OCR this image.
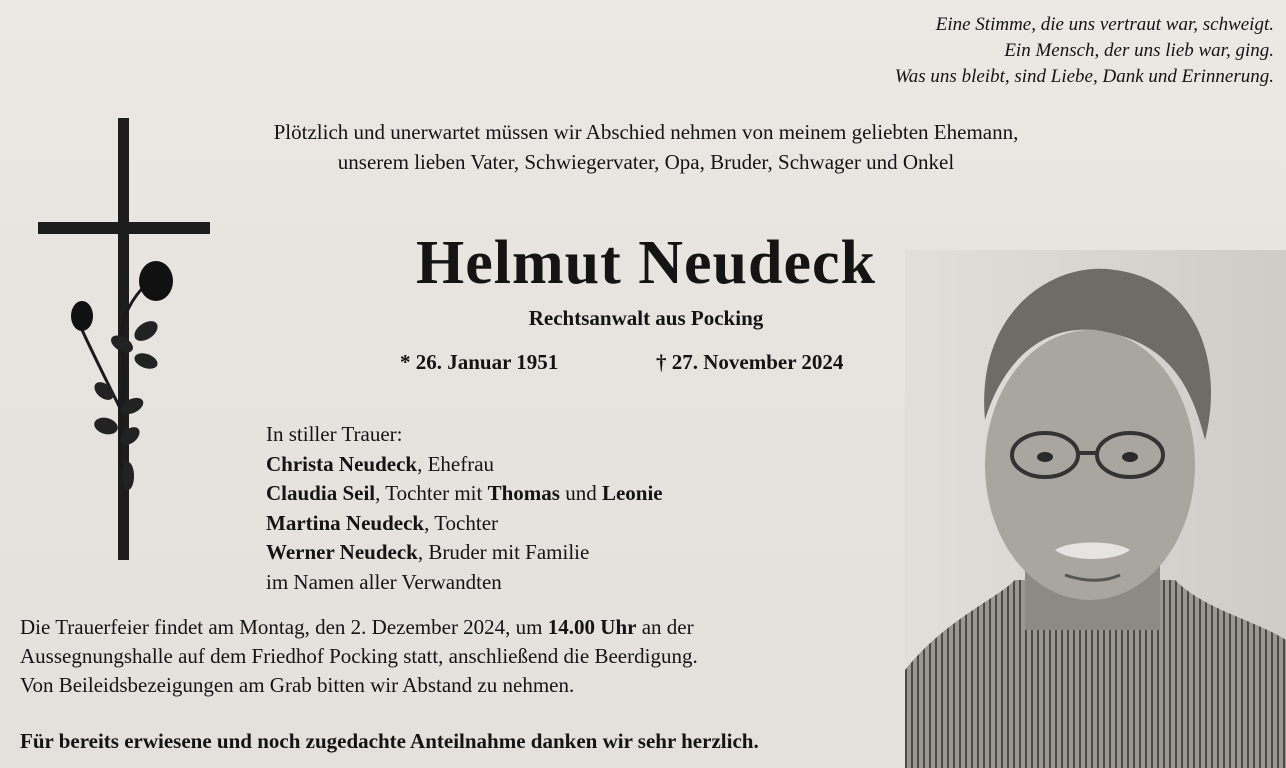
Eine Stimme, die uns vertraut war, schweigt.
Ein Mensch, der uns lieb war, ging.
Was uns bleibt, sind Liebe, Dank und Erinnerung.
Plötzlich und unerwartet müssen wir Abschied nehmen von meinem geliebten Ehemann,
unserem lieben Vater, Schwiegervater, Opa, Bruder, Schwager und Onkel
Helmut Neudeck
Rechtsanwalt aus Pocking
* 26. Januar 1951	† 27. November 2024
In stiller Trauer:
Christa Neudeck, Ehefrau
Claudia Seil, Tochter mit Thomas und Leonie
Martina Neudeck, Tochter
Werner Neudeck, Bruder mit Familie
im Namen aller Verwandten
Die Trauerfeier findet am Montag, den 2. Dezember 2024, um 14.00 Uhr an der
Aussegnungshalle auf dem Friedhof Pocking statt, anschließend die Beerdigung.
Von Beileidsbezeigungen am Grab bitten wir Abstand zu nehmen.
Für bereits erwiesene und noch zugedachte Anteilnahme danken wir sehr herzlich.
